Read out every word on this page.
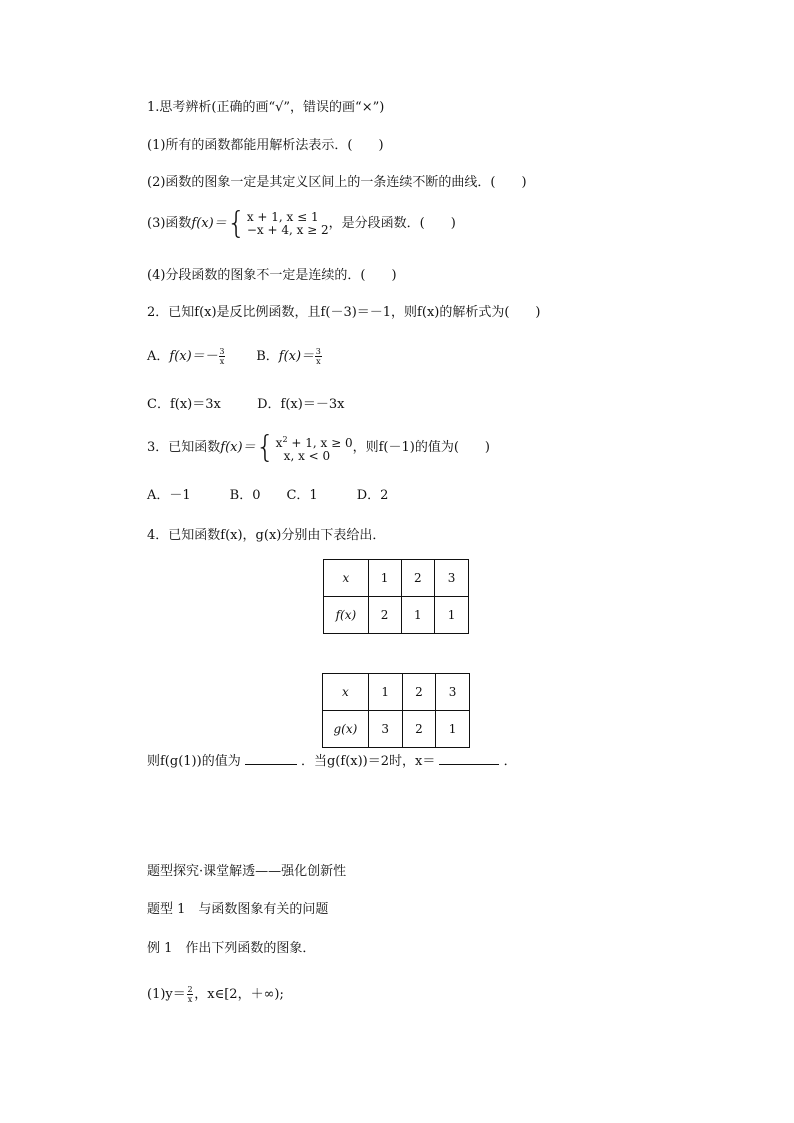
1.思考辨析(正确的画“√”，错误的画“×”)
(1)所有的函数都能用解析法表示．(　　)
(2)函数的图象一定是其定义区间上的一条连续不断的曲线．(　　)
(3)函数 f(x)＝ { x + 1, x ≤ 1
−x + 4, x ≥ 2 ，是分段函数．(　　)
(4)分段函数的图象不一定是连续的．(　　)
2．已知f(x)是反比例函数，且f(－3)＝－1，则f(x)的解析式为(　　)
A． $f(x)=- \frac{3}{x}$ B． $f(x)= \frac{3}{x}$
C．f(x)＝3x	D．f(x)＝－3x
3．已知函数 f(x)＝ { $x^2 + 1$, x ≥ 0
x, x < 0
，则f(－1)的值为(　　)
A．－1　　　B．0　　C．1　　　D．2
4．已知函数f(x)，g(x)分别由下表给出．
x	1	2	3
f(x)	2	1	1
x	1	2	3
g(x)	3	2	1
则f(g(1))的值为	．当g(f(x))＝2时，x＝	．
题型探究·课堂解透——强化创新性
题型 1　与函数图象有关的问题
例 1　作出下列函数的图象．
$(1)y= \frac{2}{x}$ ，x∈[2，＋∞);
